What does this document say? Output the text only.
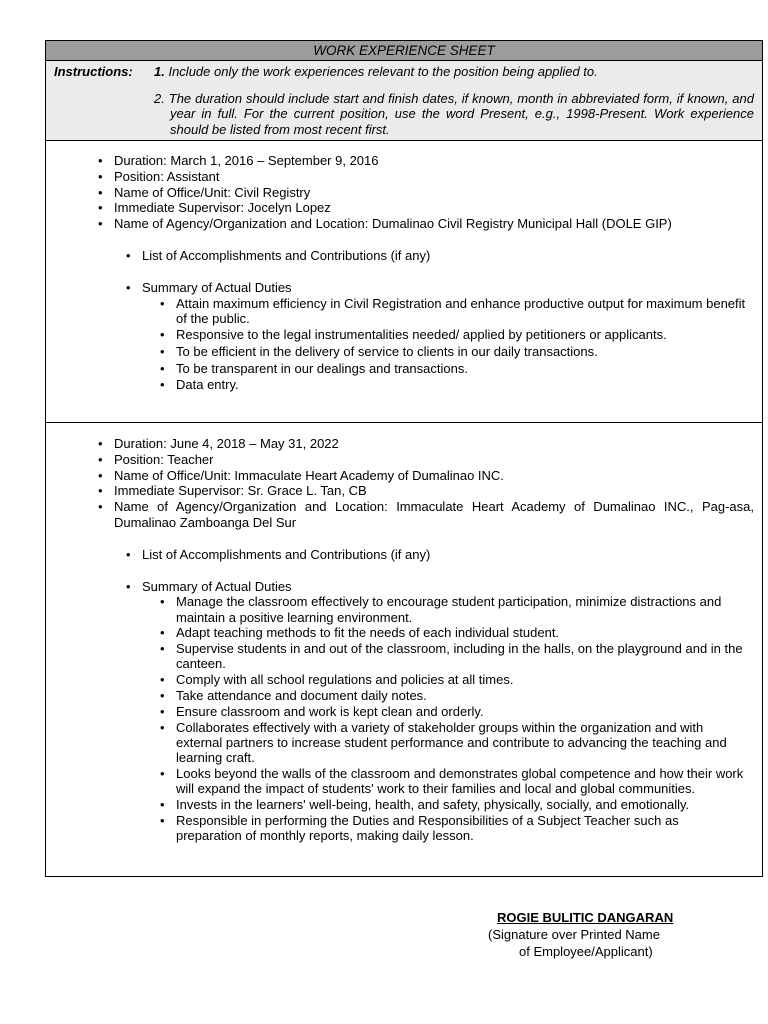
WORK EXPERIENCE SHEET
Instructions:	1. Include only the work experiences relevant to the position being applied to.
2. The duration should include start and finish dates, if known, month in abbreviated form, if known, and year in full. For the current position, use the word Present, e.g., 1998-Present. Work experience should be listed from most recent first.
• Duration: March 1, 2016 – September 9, 2016
• Position: Assistant
• Name of Office/Unit: Civil Registry
• Immediate Supervisor: Jocelyn Lopez
• Name of Agency/Organization and Location: Dumalinao Civil Registry Municipal Hall (DOLE GIP)
• List of Accomplishments and Contributions (if any)
• Summary of Actual Duties
• Attain maximum efficiency in Civil Registration and enhance productive output for maximum benefit of the public.
• Responsive to the legal instrumentalities needed/ applied by petitioners or applicants.
• To be efficient in the delivery of service to clients in our daily transactions.
• To be transparent in our dealings and transactions.
• Data entry.
• Duration: June 4, 2018 – May 31, 2022
• Position: Teacher
• Name of Office/Unit: Immaculate Heart Academy of Dumalinao INC.
• Immediate Supervisor: Sr. Grace L. Tan, CB
• Name of Agency/Organization and Location: Immaculate Heart Academy of Dumalinao INC., Pag-asa, Dumalinao Zamboanga Del Sur
• List of Accomplishments and Contributions (if any)
• Summary of Actual Duties
• Manage the classroom effectively to encourage student participation, minimize distractions and maintain a positive learning environment.
• Adapt teaching methods to fit the needs of each individual student.
• Supervise students in and out of the classroom, including in the halls, on the playground and in the canteen.
• Comply with all school regulations and policies at all times.
• Take attendance and document daily notes.
• Ensure classroom and work is kept clean and orderly.
• Collaborates effectively with a variety of stakeholder groups within the organization and with external partners to increase student performance and contribute to advancing the teaching and learning craft.
• Looks beyond the walls of the classroom and demonstrates global competence and how their work will expand the impact of students' work to their families and local and global communities.
• Invests in the learners' well-being, health, and safety, physically, socially, and emotionally.
• Responsible in performing the Duties and Responsibilities of a Subject Teacher such as preparation of monthly reports, making daily lesson.
ROGIE BULITIC DANGARAN
(Signature over Printed Name
of Employee/Applicant)
